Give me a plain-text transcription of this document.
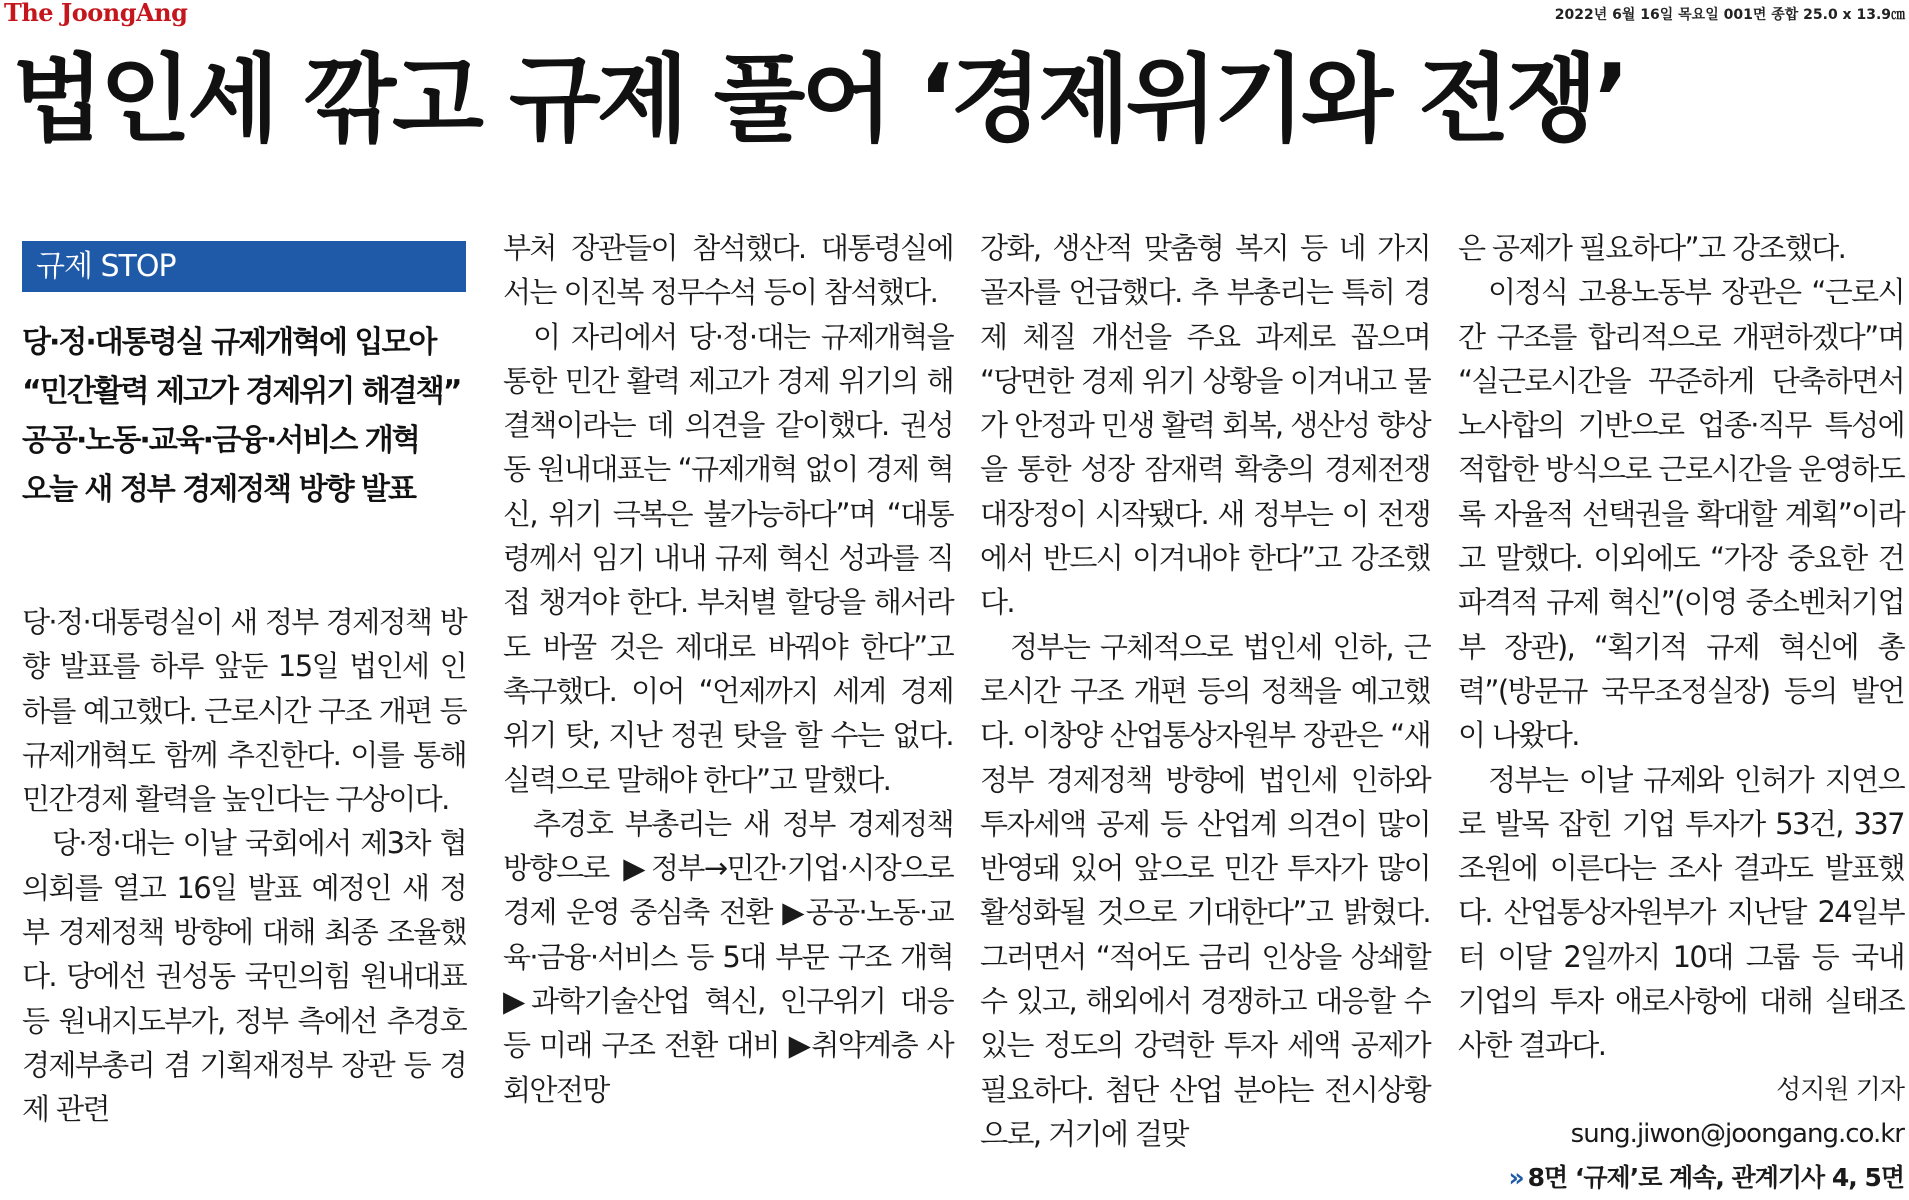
The JoongAng	2022년 6월 16일 목요일 001면 종합 25.0 x 13.9㎝
법인세 깎고 규제 풀어 ‘경제위기와 전쟁’
규제 STOP
당·정·대통령실 규제개혁에 입모아
“민간활력 제고가 경제위기 해결책”
공공·노동·교육·금융·서비스 개혁
오늘 새 정부 경제정책 방향 발표

당·정·대통령실이 새 정부 경제정책 방향 발표를 하루 앞둔 15일 법인세 인하를 예고했다. 근로시간 구조 개편 등 규제개혁도 함께 추진한다. 이를 통해 민간경제 활력을 높인다는 구상이다.

당·정·대는 이날 국회에서 제3차 협의회를 열고 16일 발표 예정인 새 정부 경제정책 방향에 대해 최종 조율했다. 당에선 권성동 국민의힘 원내대표 등 원내지도부가, 정부 측에선 추경호 경제부총리 겸 기획재정부 장관 등 경제 관련

부처 장관들이 참석했다. 대통령실에서는 이진복 정무수석 등이 참석했다.

이 자리에서 당·정·대는 규제개혁을 통한 민간 활력 제고가 경제 위기의 해결책이라는 데 의견을 같이했다. 권성동 원내대표는 “규제개혁 없이 경제 혁신, 위기 극복은 불가능하다”며 “대통령께서 임기 내내 규제 혁신 성과를 직접 챙겨야 한다. 부처별 할당을 해서라도 바꿀 것은 제대로 바꿔야 한다”고 촉구했다. 이어 “언제까지 세계 경제 위기 탓, 지난 정권 탓을 할 수는 없다. 실력으로 말해야 한다”고 말했다.

추경호 부총리는 새 정부 경제정책 방향으로 ▶정부→민간·기업·시장으로 경제 운영 중심축 전환 ▶공공·노동·교육·금융·서비스 등 5대 부문 구조 개혁 ▶과학기술산업 혁신, 인구위기 대응 등 미래 구조 전환 대비 ▶취약계층 사회안전망

강화, 생산적 맞춤형 복지 등 네 가지 골자를 언급했다. 추 부총리는 특히 경제 체질 개선을 주요 과제로 꼽으며 “당면한 경제 위기 상황을 이겨내고 물가 안정과 민생 활력 회복, 생산성 향상을 통한 성장 잠재력 확충의 경제전쟁 대장정이 시작됐다. 새 정부는 이 전쟁에서 반드시 이겨내야 한다”고 강조했다.

정부는 구체적으로 법인세 인하, 근로시간 구조 개편 등의 정책을 예고했다. 이창양 산업통상자원부 장관은 “새 정부 경제정책 방향에 법인세 인하와 투자세액 공제 등 산업계 의견이 많이 반영돼 있어 앞으로 민간 투자가 많이 활성화될 것으로 기대한다”고 밝혔다. 그러면서 “적어도 금리 인상을 상쇄할 수 있고, 해외에서 경쟁하고 대응할 수 있는 정도의 강력한 투자 세액 공제가 필요하다. 첨단 산업 분야는 전시상황으로, 거기에 걸맞

은 공제가 필요하다”고 강조했다.

이정식 고용노동부 장관은 “근로시간 구조를 합리적으로 개편하겠다”며 “실근로시간을 꾸준하게 단축하면서 노사합의 기반으로 업종·직무 특성에 적합한 방식으로 근로시간을 운영하도록 자율적 선택권을 확대할 계획”이라고 말했다. 이외에도 “가장 중요한 건 파격적 규제 혁신”(이영 중소벤처기업부 장관), “획기적 규제 혁신에 총력”(방문규 국무조정실장) 등의 발언이 나왔다.

정부는 이날 규제와 인허가 지연으로 발목 잡힌 기업 투자가 53건, 337조원에 이른다는 조사 결과도 발표했다. 산업통상자원부가 지난달 24일부터 이달 2일까지 10대 그룹 등 국내 기업의 투자 애로사항에 대해 실태조사한 결과다.

성지원 기자 sung.jiwon@joongang.co.kr
» 8면 ‘규제’로 계속, 관계기사 4, 5면
